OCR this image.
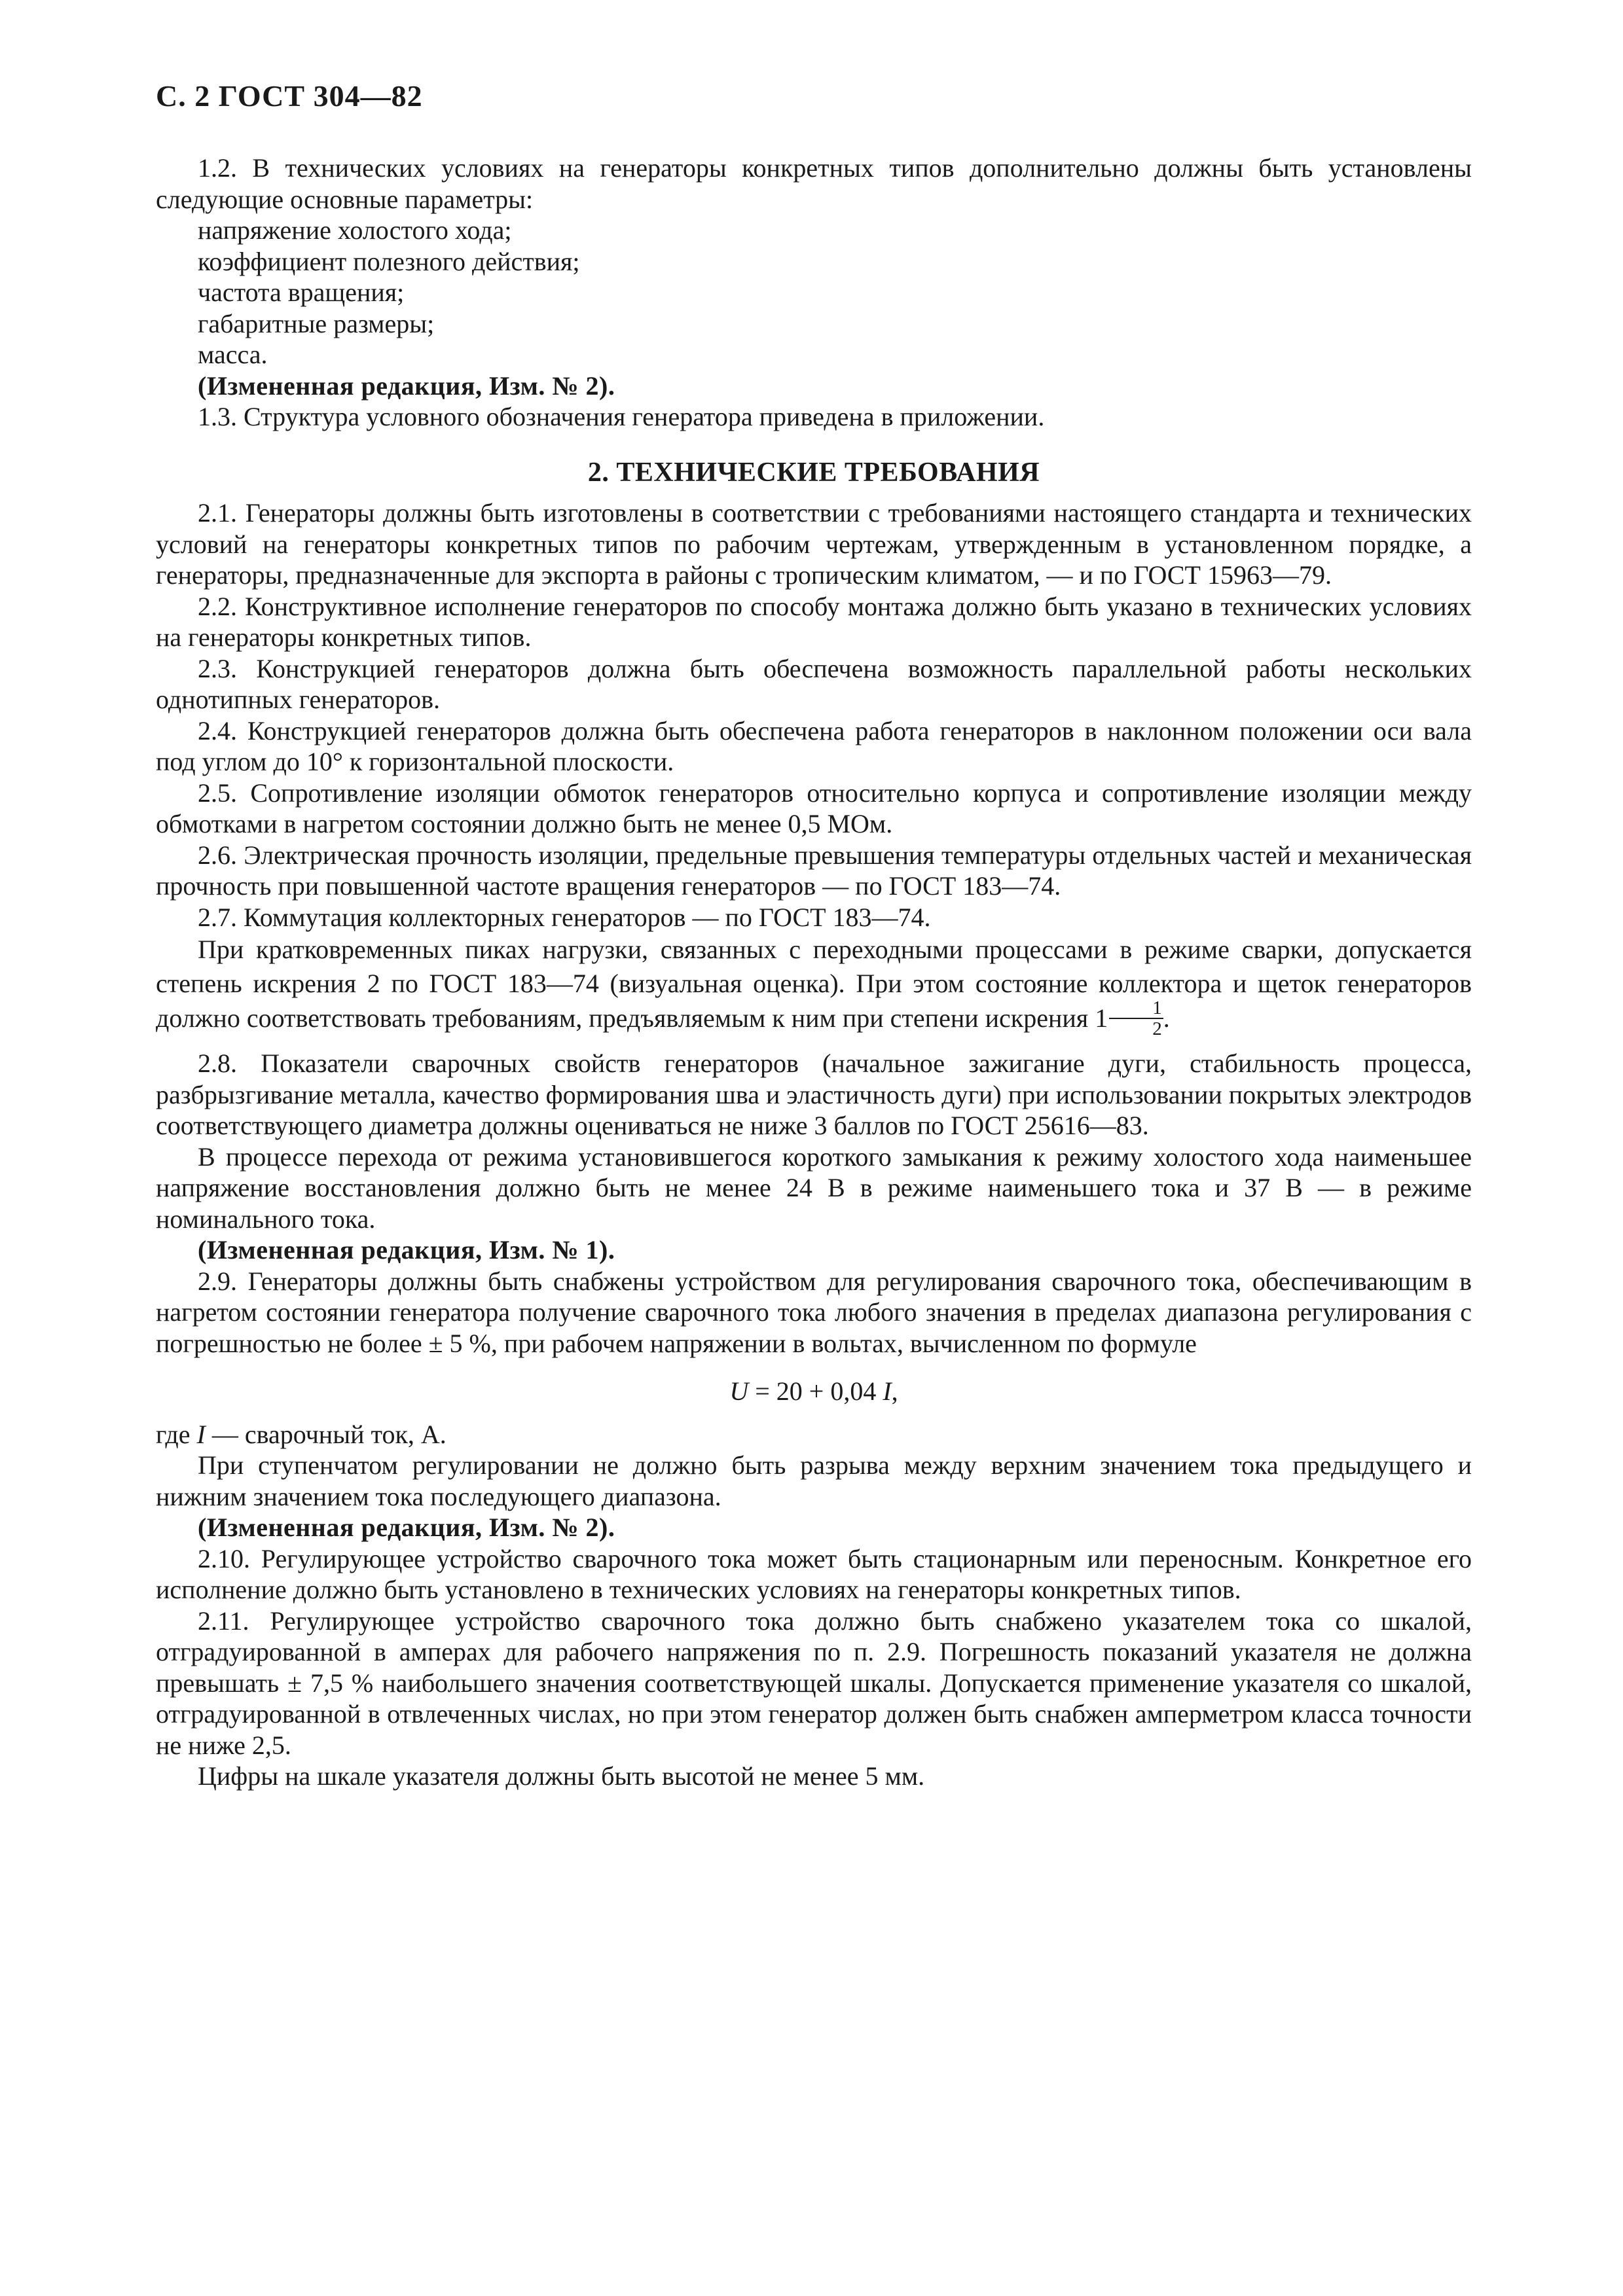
С. 2 ГОСТ 304—82

1.2. В технических условиях на генераторы конкретных типов дополнительно должны быть установлены следующие основные параметры:

напряжение холостого хода;

коэффициент полезного действия;

частота вращения;

габаритные размеры;

масса.

(Измененная редакция, Изм. № 2).

1.3. Структура условного обозначения генератора приведена в приложении.

2. ТЕХНИЧЕСКИЕ ТРЕБОВАНИЯ

2.1. Генераторы должны быть изготовлены в соответствии с требованиями настоящего стандарта и технических условий на генераторы конкретных типов по рабочим чертежам, утвержденным в установленном порядке, а генераторы, предназначенные для экспорта в районы с тропическим климатом, — и по ГОСТ 15963—79.

2.2. Конструктивное исполнение генераторов по способу монтажа должно быть указано в технических условиях на генераторы конкретных типов.

2.3. Конструкцией генераторов должна быть обеспечена возможность параллельной работы нескольких однотипных генераторов.

2.4. Конструкцией генераторов должна быть обеспечена работа генераторов в наклонном положении оси вала под углом до 10° к горизонтальной плоскости.

2.5. Сопротивление изоляции обмоток генераторов относительно корпуса и сопротивление изоляции между обмотками в нагретом состоянии должно быть не менее 0,5 МОм.

2.6. Электрическая прочность изоляции, предельные превышения температуры отдельных частей и механическая прочность при повышенной частоте вращения генераторов — по ГОСТ 183—74.

2.7. Коммутация коллекторных генераторов — по ГОСТ 183—74.

При кратковременных пиках нагрузки, связанных с переходными процессами в режиме сварки, допускается степень искрения 2 по ГОСТ 183—74 (визуальная оценка). При этом состояние коллектора и щеток генераторов должно соответствовать требованиям, предъявляемым к ним при степени искрения $1 \frac{1}{2}$ .

2.8. Показатели сварочных свойств генераторов (начальное зажигание дуги, стабильность процесса, разбрызгивание металла, качество формирования шва и эластичность дуги) при использовании покрытых электродов соответствующего диаметра должны оцениваться не ниже 3 баллов по ГОСТ 25616—83.

В процессе перехода от режима установившегося короткого замыкания к режиму холостого хода наименьшее напряжение восстановления должно быть не менее 24 В в режиме наименьшего тока и 37 В — в режиме номинального тока.

(Измененная редакция, Изм. № 1).

2.9. Генераторы должны быть снабжены устройством для регулирования сварочного тока, обеспечивающим в нагретом состоянии генератора получение сварочного тока любого значения в пределах диапазона регулирования с погрешностью не более ± 5 %, при рабочем напряжении в вольтах, вычисленном по формуле

U = 20 + 0,04 I,

где I — сварочный ток, А.

При ступенчатом регулировании не должно быть разрыва между верхним значением тока предыдущего и нижним значением тока последующего диапазона.

(Измененная редакция, Изм. № 2).

2.10. Регулирующее устройство сварочного тока может быть стационарным или переносным. Конкретное его исполнение должно быть установлено в технических условиях на генераторы конкретных типов.

2.11. Регулирующее устройство сварочного тока должно быть снабжено указателем тока со шкалой, отградуированной в амперах для рабочего напряжения по п. 2.9. Погрешность показаний указателя не должна превышать ± 7,5 % наибольшего значения соответствующей шкалы. Допускается применение указателя со шкалой, отградуированной в отвлеченных числах, но при этом генератор должен быть снабжен амперметром класса точности не ниже 2,5.

Цифры на шкале указателя должны быть высотой не менее 5 мм.
